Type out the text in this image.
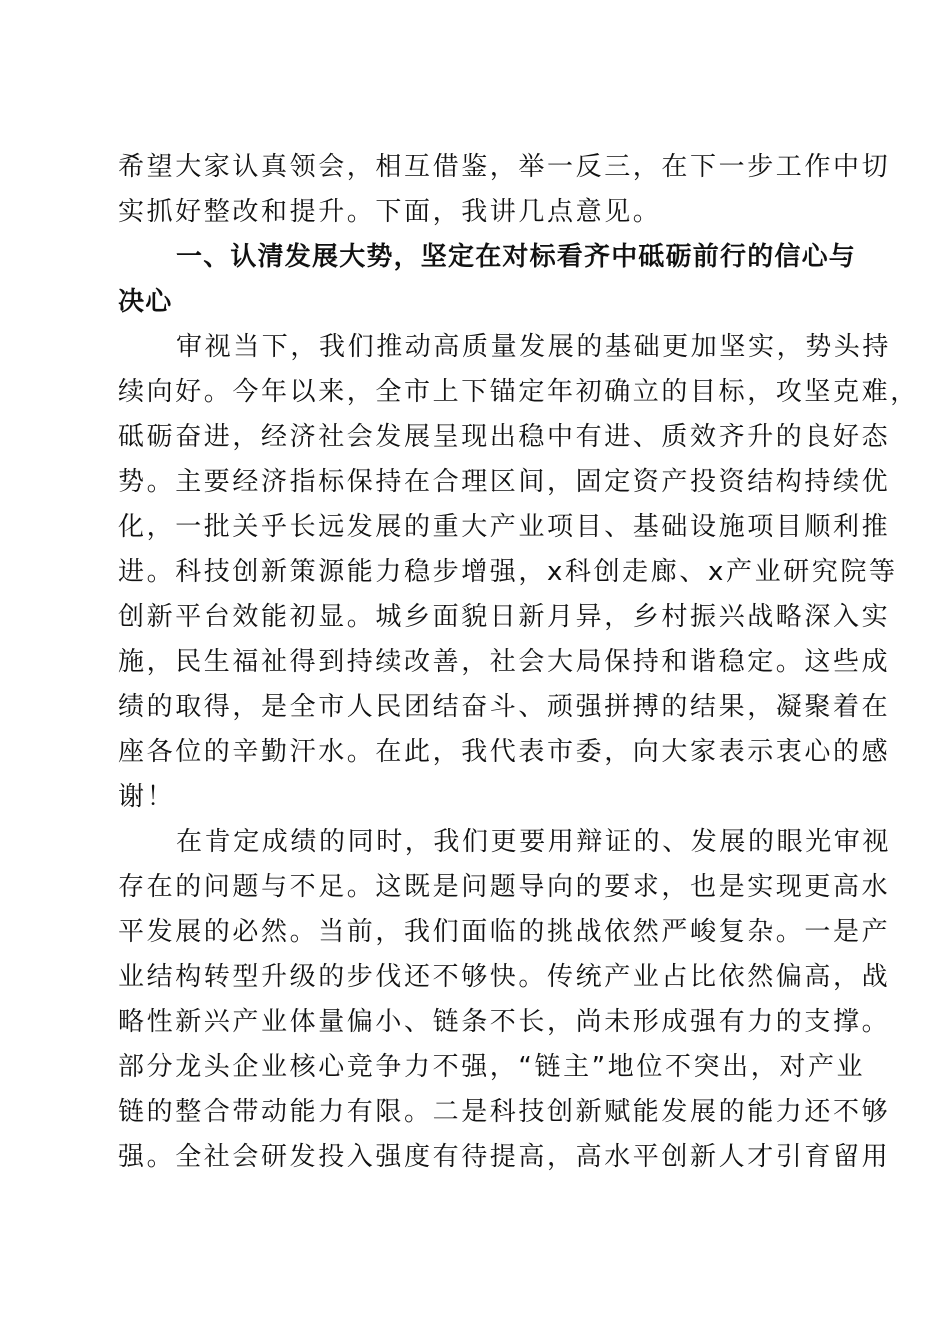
希望大家认真领会，相互借鉴，举一反三，在下一步工作中切
实抓好整改和提升。下面，我讲几点意见。
一、认清发展大势，坚定在对标看齐中砥砺前行的信心与
决心
审视当下，我们推动高质量发展的基础更加坚实，势头持
续向好。今年以来，全市上下锚定年初确立的目标，攻坚克难，
砥砺奋进，经济社会发展呈现出稳中有进、质效齐升的良好态
势。主要经济指标保持在合理区间，固定资产投资结构持续优
化，一批关乎长远发展的重大产业项目、基础设施项目顺利推
进。科技创新策源能力稳步增强，x科创走廊、x产业研究院等
创新平台效能初显。城乡面貌日新月异，乡村振兴战略深入实
施，民生福祉得到持续改善，社会大局保持和谐稳定。这些成
绩的取得，是全市人民团结奋斗、顽强拼搏的结果，凝聚着在
座各位的辛勤汗水。在此，我代表市委，向大家表示衷心的感
谢！
在肯定成绩的同时，我们更要用辩证的、发展的眼光审视
存在的问题与不足。这既是问题导向的要求，也是实现更高水
平发展的必然。当前，我们面临的挑战依然严峻复杂。一是产
业结构转型升级的步伐还不够快。传统产业占比依然偏高，战
略性新兴产业体量偏小、链条不长，尚未形成强有力的支撑。
部分龙头企业核心竞争力不强，“链主”地位不突出，对产业
链的整合带动能力有限。二是科技创新赋能发展的能力还不够
强。全社会研发投入强度有待提高，高水平创新人才引育留用
